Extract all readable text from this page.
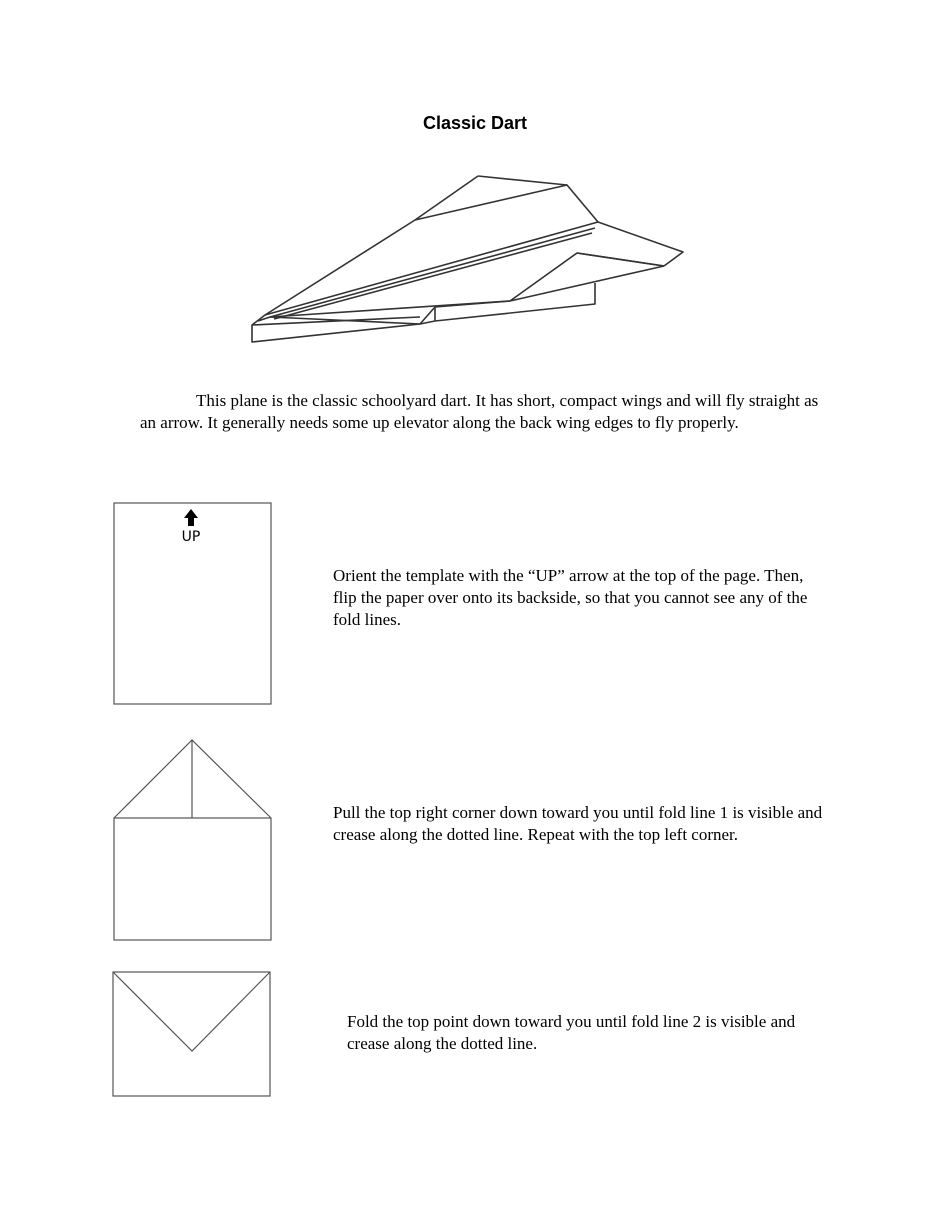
Classic Dart

This plane is the classic schoolyard dart. It has short, compact wings and will fly straight as an arrow. It generally needs some up elevator along the back wing edges to fly properly.

UP

Orient the template with the “UP” arrow at the top of the page. Then, flip the paper over onto its backside, so that you cannot see any of the fold lines.

Pull the top right corner down toward you until fold line 1 is visible and crease along the dotted line. Repeat with the top left corner.

Fold the top point down toward you until fold line 2 is visible and crease along the dotted line.
